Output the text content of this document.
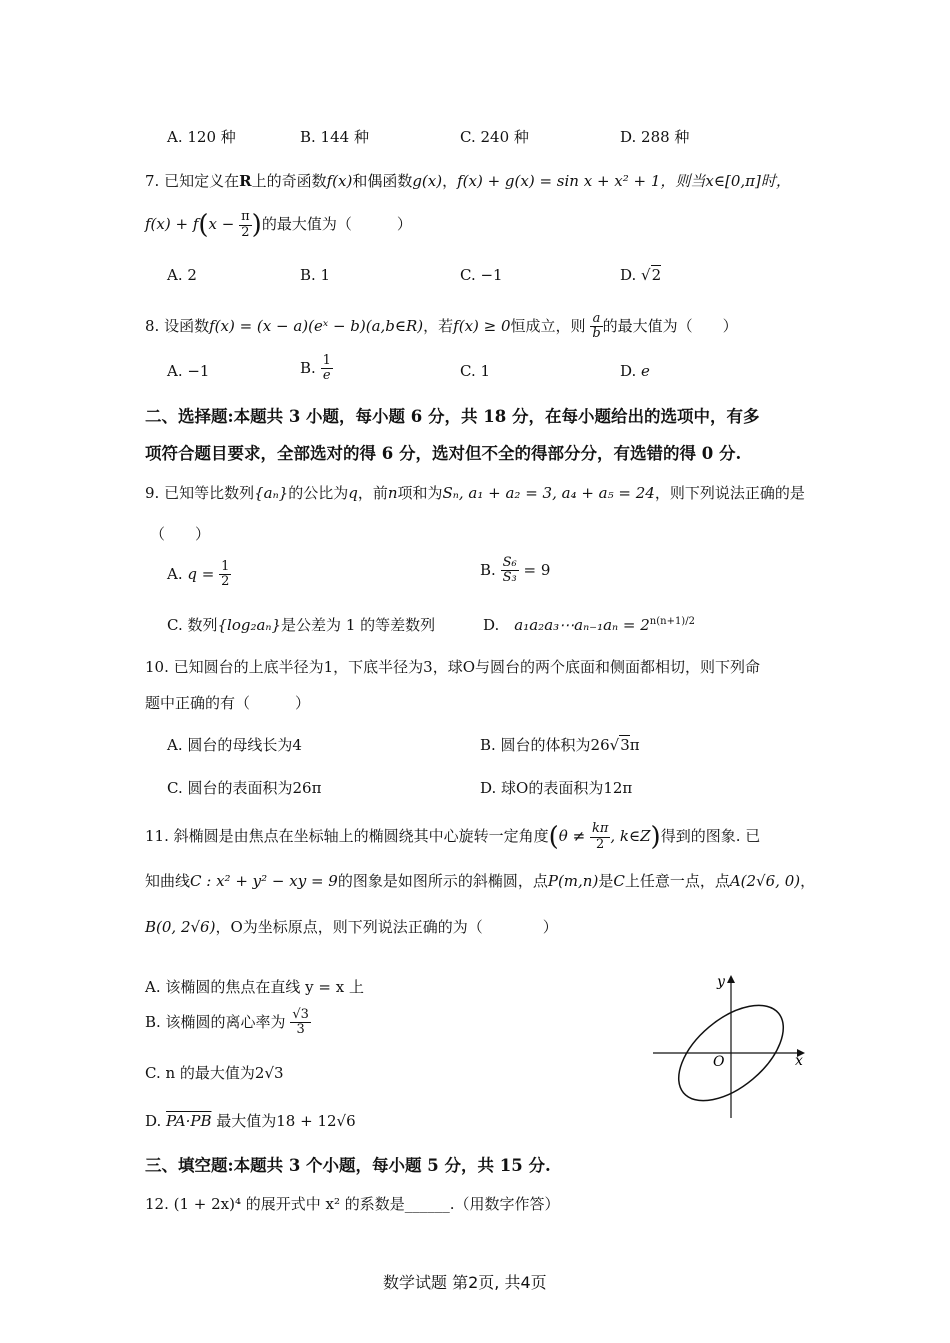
A. 120 种	B. 144 种	C. 240 种	D. 288 种
7. 已知定义在R上的奇函数f(x)和偶函数g(x)，f(x) + g(x) = sin x + x² + 1，则当x∈[0,π]时，
$f(x) + f(x - \frac{\pi}{2}$ )的最大值为（　　　）
A. 2	B. 1	C. −1	D. √2
8. 设函数f(x) = (x − a)(eˣ − b)(a,b∈R)，若f(x) ≥ 0恒成立，则 $\frac{a}{b}$ 的最大值为（　　）
A. −1	B. $\frac{1}{e}$	C. 1	D. e
二、选择题:本题共 3 小题，每小题 6 分，共 18 分，在每小题给出的选项中，有多
项符合题目要求，全部选对的得 6 分，选对但不全的得部分分，有选错的得 0 分.
9. 已知等比数列{aₙ}的公比为q，前n项和为Sₙ, a₁ + a₂ = 3, a₄ + a₅ = 24，则下列说法正确的是
（　　）
A. $q = \frac{1}{2}$	B. $\frac{\text{S₆}}{\text{S₃}} = 9$
C. 数列{log₂aₙ}是公差为 1 的等差数列	D.　 a₁a₂a₃⋯aₙ₋₁aₙ = $2^{n(n+1)/2}$
10. 已知圆台的上底半径为1，下底半径为3，球O与圆台的两个底面和侧面都相切，则下列命
题中正确的有（　　　）
A. 圆台的母线长为4	B. 圆台的体积为26√3π
C. 圆台的表面积为26π	D. 球O的表面积为12π
11. 斜椭圆是由焦点在坐标轴上的椭圆绕其中心旋转一定角度($\theta \ne \frac{k\pi}{2}$ , k∈Z)得到的图象. 已
知曲线C : x² + y² − xy = 9的图象是如图所示的斜椭圆，点P(m,n)是C上任意一点，点A(2√6, 0)，
B(0, 2√6)，O为坐标原点，则下列说法正确的为（　　　　）
A. 该椭圆的焦点在直线 y = x 上
B. 该椭圆的离心率为 $\frac{√3}{3}$
C. n 的最大值为2√3
D. PA·PB 最大值为18 + 12√6
y
x
O
三、填空题:本题共 3 个小题，每小题 5 分，共 15 分.
12. (1 + 2x)⁴ 的展开式中 x² 的系数是______.（用数字作答）
数学试题 第2页, 共4页
